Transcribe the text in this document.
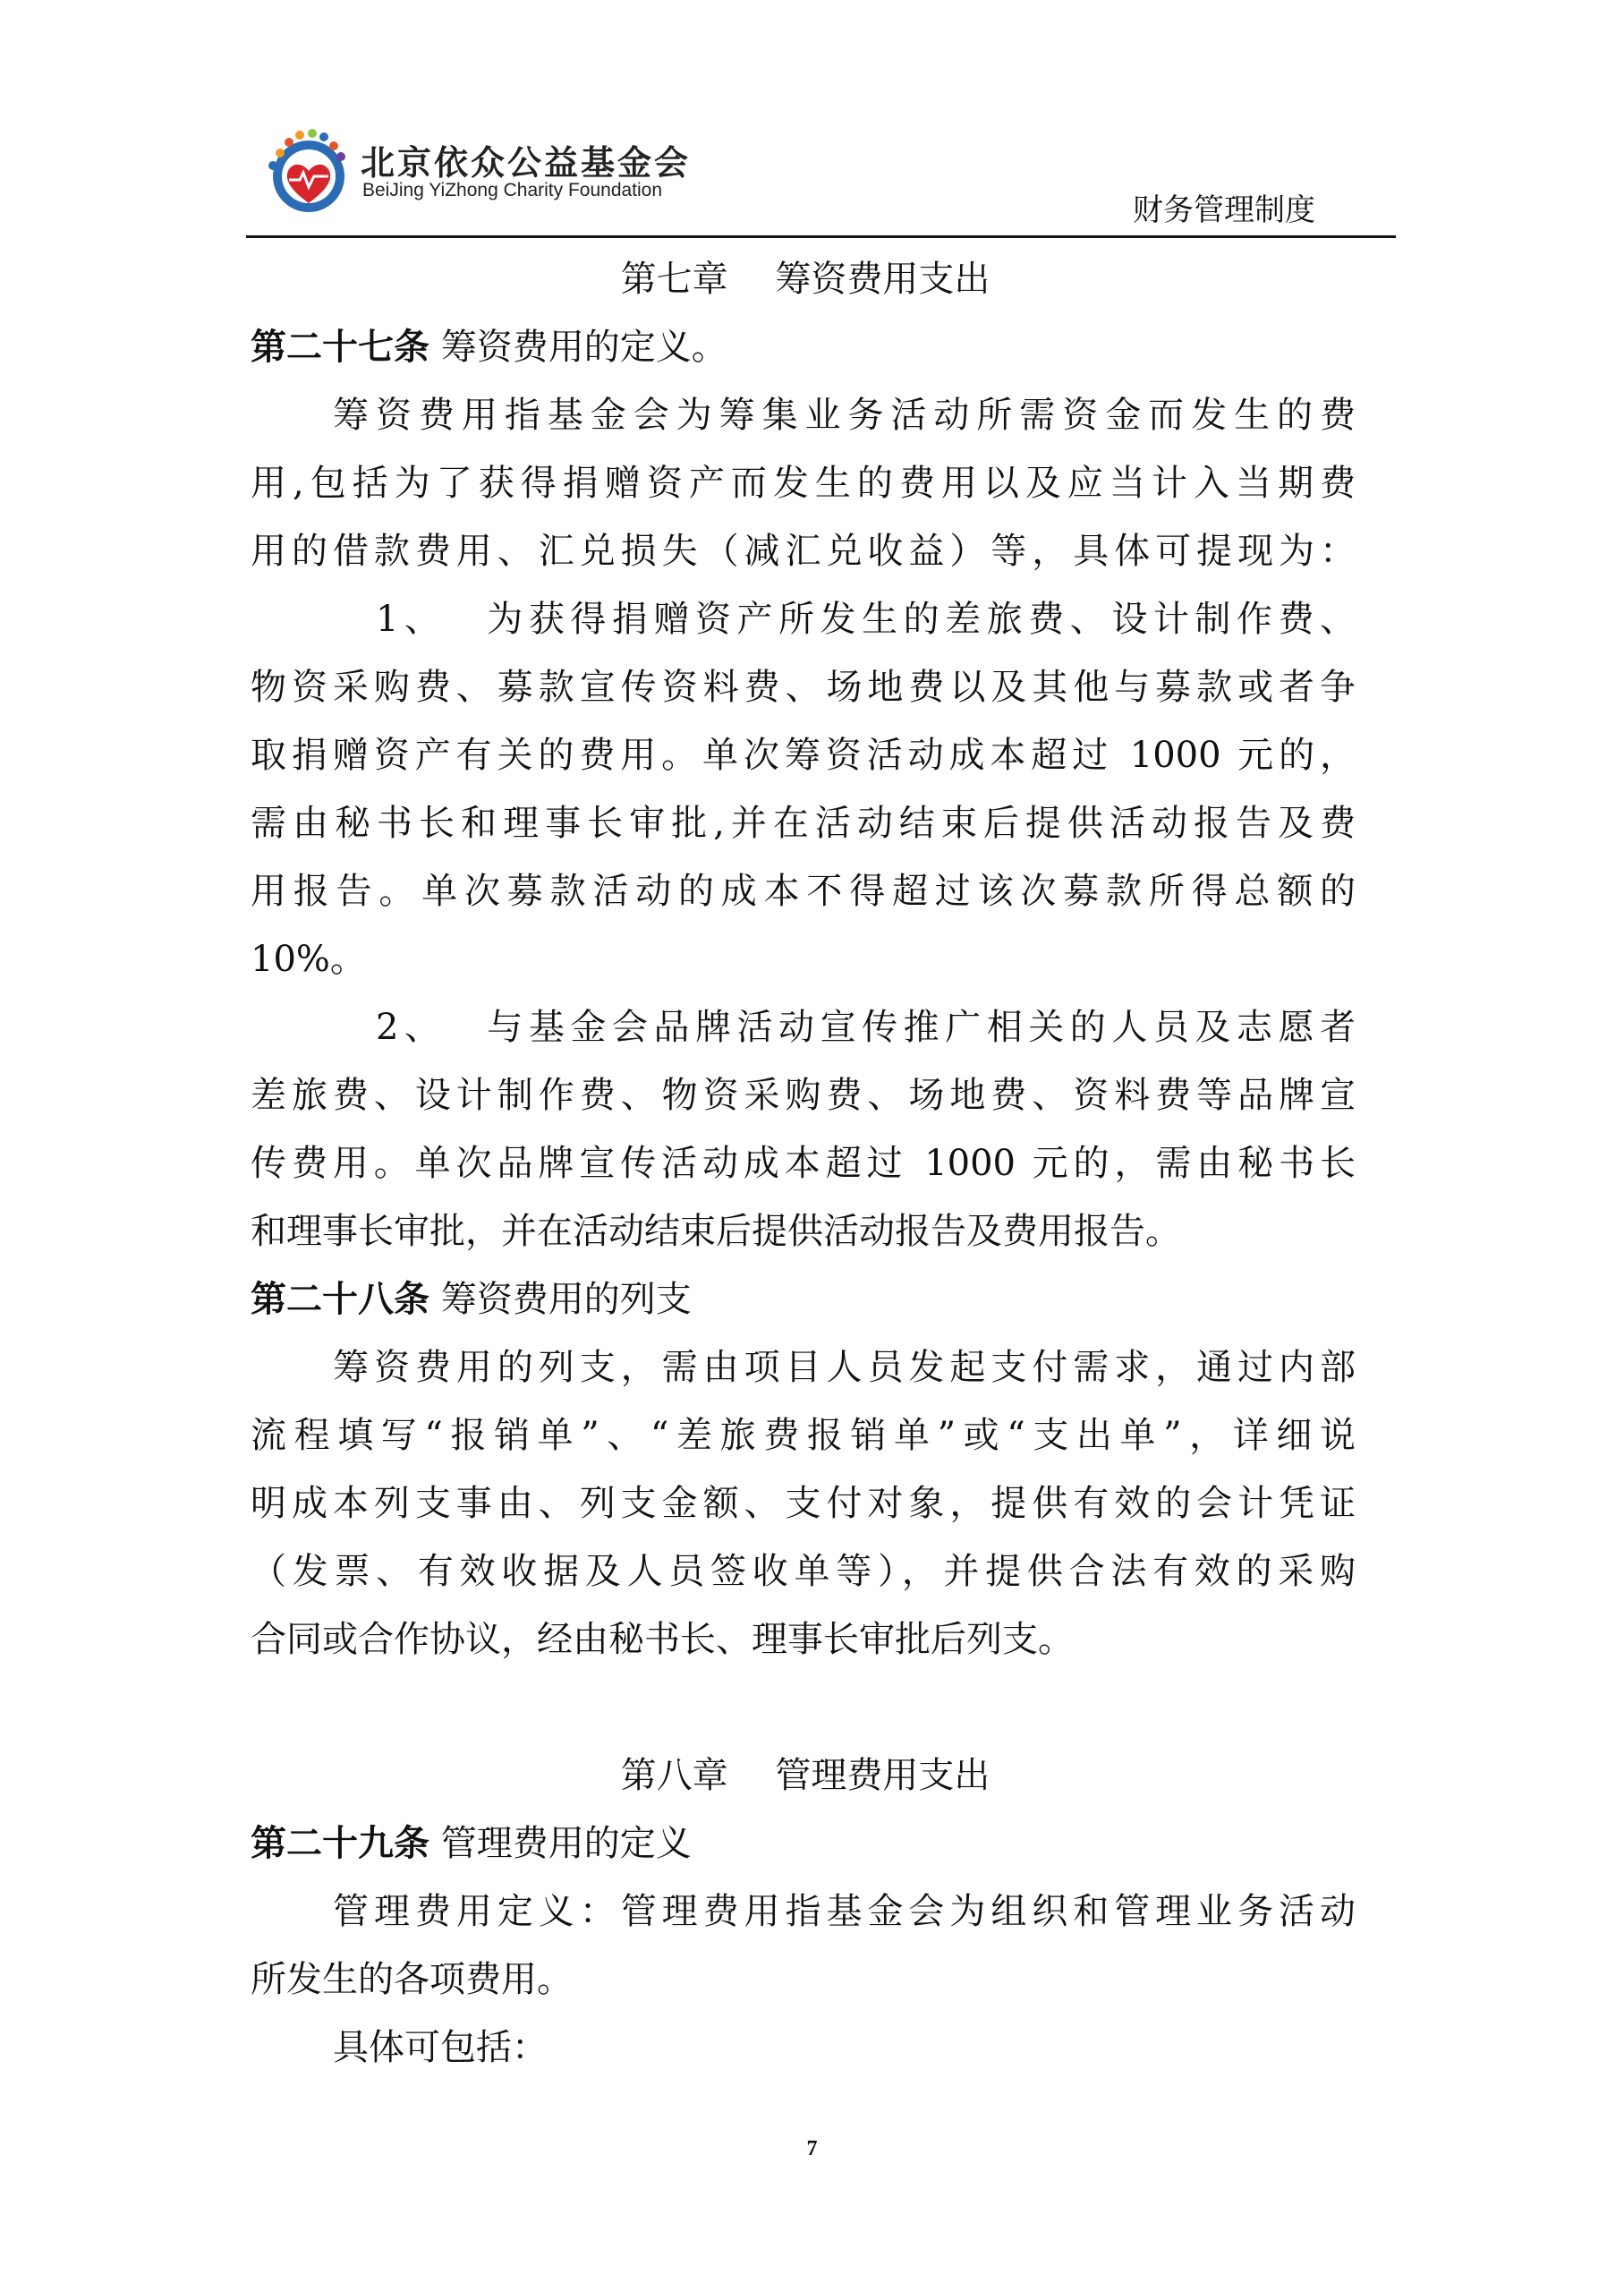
北京依众公益基金会
BeiJing YiZhong Charity Foundation
财务管理制度
第七章　 筹资费用支出
第二十七条 筹资费用的定义。
筹资费用指基金会为筹集业务活动所需资金而发生的费
用,包括为了获得捐赠资产而发生的费用以及应当计入当期费
用的借款费用、汇兑损失（减汇兑收益）等，具体可提现为：
1、　 为获得捐赠资产所发生的差旅费、设计制作费、
物资采购费、募款宣传资料费、场地费以及其他与募款或者争
取捐赠资产有关的费用。单次筹资活动成本超过 1000 元的，
需由秘书长和理事长审批,并在活动结束后提供活动报告及费
用报告。单次募款活动的成本不得超过该次募款所得总额的
10%。
2、　 与基金会品牌活动宣传推广相关的人员及志愿者
差旅费、设计制作费、物资采购费、场地费、资料费等品牌宣
传费用。单次品牌宣传活动成本超过 1000 元的，需由秘书长
和理事长审批，并在活动结束后提供活动报告及费用报告。
第二十八条 筹资费用的列支
筹资费用的列支，需由项目人员发起支付需求，通过内部
流程填写“报销单”、“差旅费报销单”或“支出单”，详细说
明成本列支事由、列支金额、支付对象，提供有效的会计凭证
（发票、有效收据及人员签收单等），并提供合法有效的采购
合同或合作协议，经由秘书长、理事长审批后列支。
第八章　 管理费用支出
第二十九条 管理费用的定义
管理费用定义：管理费用指基金会为组织和管理业务活动
所发生的各项费用。
具体可包括：
7
